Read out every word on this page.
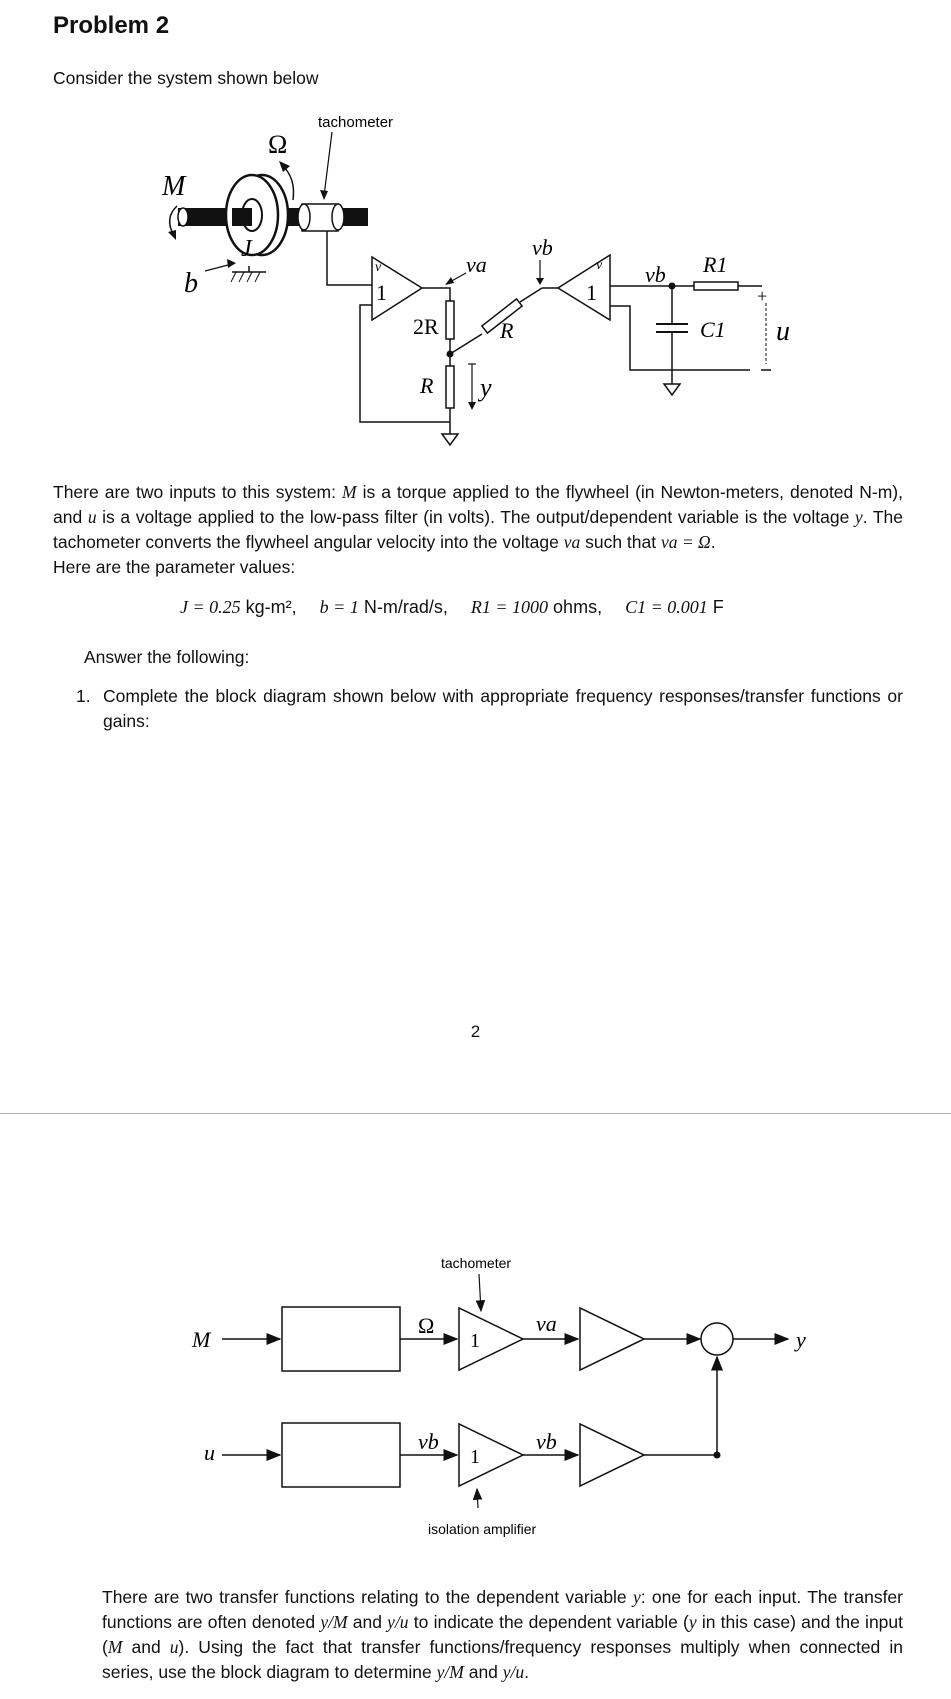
Problem 2

Consider the system shown below

tachometer
Ω
M
J
b
v
1
va
2R
R y
R
vb
v
1
vb R1
C1
+
u

There are two inputs to this system: M is a torque applied to the flywheel (in Newton-meters, denoted N-m), and u is a voltage applied to the low-pass filter (in volts). The output/dependent variable is the voltage y. The tachometer converts the flywheel angular velocity into the voltage va such that va = Ω.
Here are the parameter values:

J = 0.25 kg-m², b = 1 N-m/rad/s, R1 = 1000 ohms, C1 = 0.001 F

Answer the following:

1. Complete the block diagram shown below with appropriate frequency responses/transfer functions or gains:
2
tachometer
M
Ω
1
va
y
u	vb
1
vb
isolation amplifier

There are two transfer functions relating to the dependent variable y: one for each input. The transfer functions are often denoted y/M and y/u to indicate the dependent variable (y in this case) and the input (M and u). Using the fact that transfer functions/frequency responses multiply when connected in series, use the block diagram to determine y/M and y/u.
